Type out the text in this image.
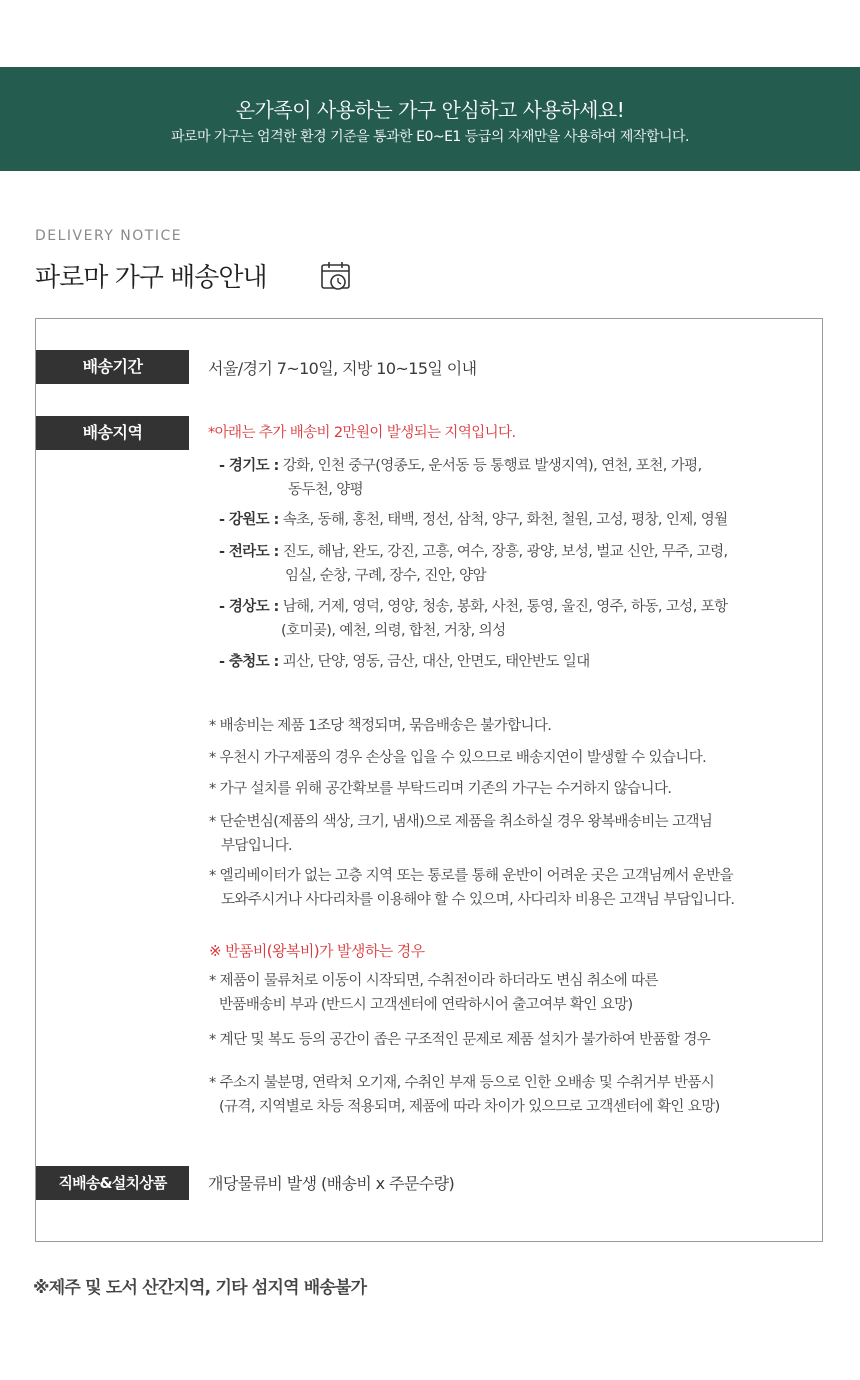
온가족이 사용하는 가구 안심하고 사용하세요!
파로마 가구는 엄격한 환경 기준을 통과한 E0~E1 등급의 자재만을 사용하여 제작합니다.
DELIVERY NOTICE
파로마 가구 배송안내
배송기간	서울/경기 7~10일, 지방 10~15일 이내
배송지역	*아래는 추가 배송비 2만원이 발생되는 지역입니다.
- 경기도 : 강화, 인천 중구(영종도, 운서동 등 통행료 발생지역), 연천, 포천, 가평,
동두천, 양평
- 강원도 : 속초, 동해, 홍천, 태백, 정선, 삼척, 양구, 화천, 철원, 고성, 평창, 인제, 영월
- 전라도 : 진도, 해남, 완도, 강진, 고흥, 여수, 장흥, 광양, 보성, 벌교 신안, 무주, 고령,
임실, 순창, 구례, 장수, 진안, 양암
- 경상도 : 남해, 거제, 영덕, 영양, 청송, 봉화, 사천, 통영, 울진, 영주, 하동, 고성, 포항
(호미곶), 예천, 의령, 합천, 거창, 의성
- 충청도 : 괴산, 단양, 영동, 금산, 대산, 안면도, 태안반도 일대
* 배송비는 제품 1조당 책정되며, 묶음배송은 불가합니다.
* 우천시 가구제품의 경우 손상을 입을 수 있으므로 배송지연이 발생할 수 있습니다.
* 가구 설치를 위해 공간확보를 부탁드리며 기존의 가구는 수거하지 않습니다.
* 단순변심(제품의 색상, 크기, 냄새)으로 제품을 취소하실 경우 왕복배송비는 고객님
부담입니다.
* 엘리베이터가 없는 고층 지역 또는 통로를 통해 운반이 어려운 곳은 고객님께서 운반을
도와주시거나 사다리차를 이용해야 할 수 있으며, 사다리차 비용은 고객님 부담입니다.
※ 반품비(왕복비)가 발생하는 경우
* 제품이 물류처로 이동이 시작되면, 수취전이라 하더라도 변심 취소에 따른
반품배송비 부과 (반드시 고객센터에 연락하시어 출고여부 확인 요망)
* 계단 및 복도 등의 공간이 좁은 구조적인 문제로 제품 설치가 불가하여 반품할 경우
* 주소지 불분명, 연락처 오기재, 수취인 부재 등으로 인한 오배송 및 수취거부 반품시
(규격, 지역별로 차등 적용되며, 제품에 따라 차이가 있으므로 고객센터에 확인 요망)
직배송&설치상품	개당물류비 발생 (배송비 x 주문수량)
※제주 및 도서 산간지역, 기타 섬지역 배송불가
